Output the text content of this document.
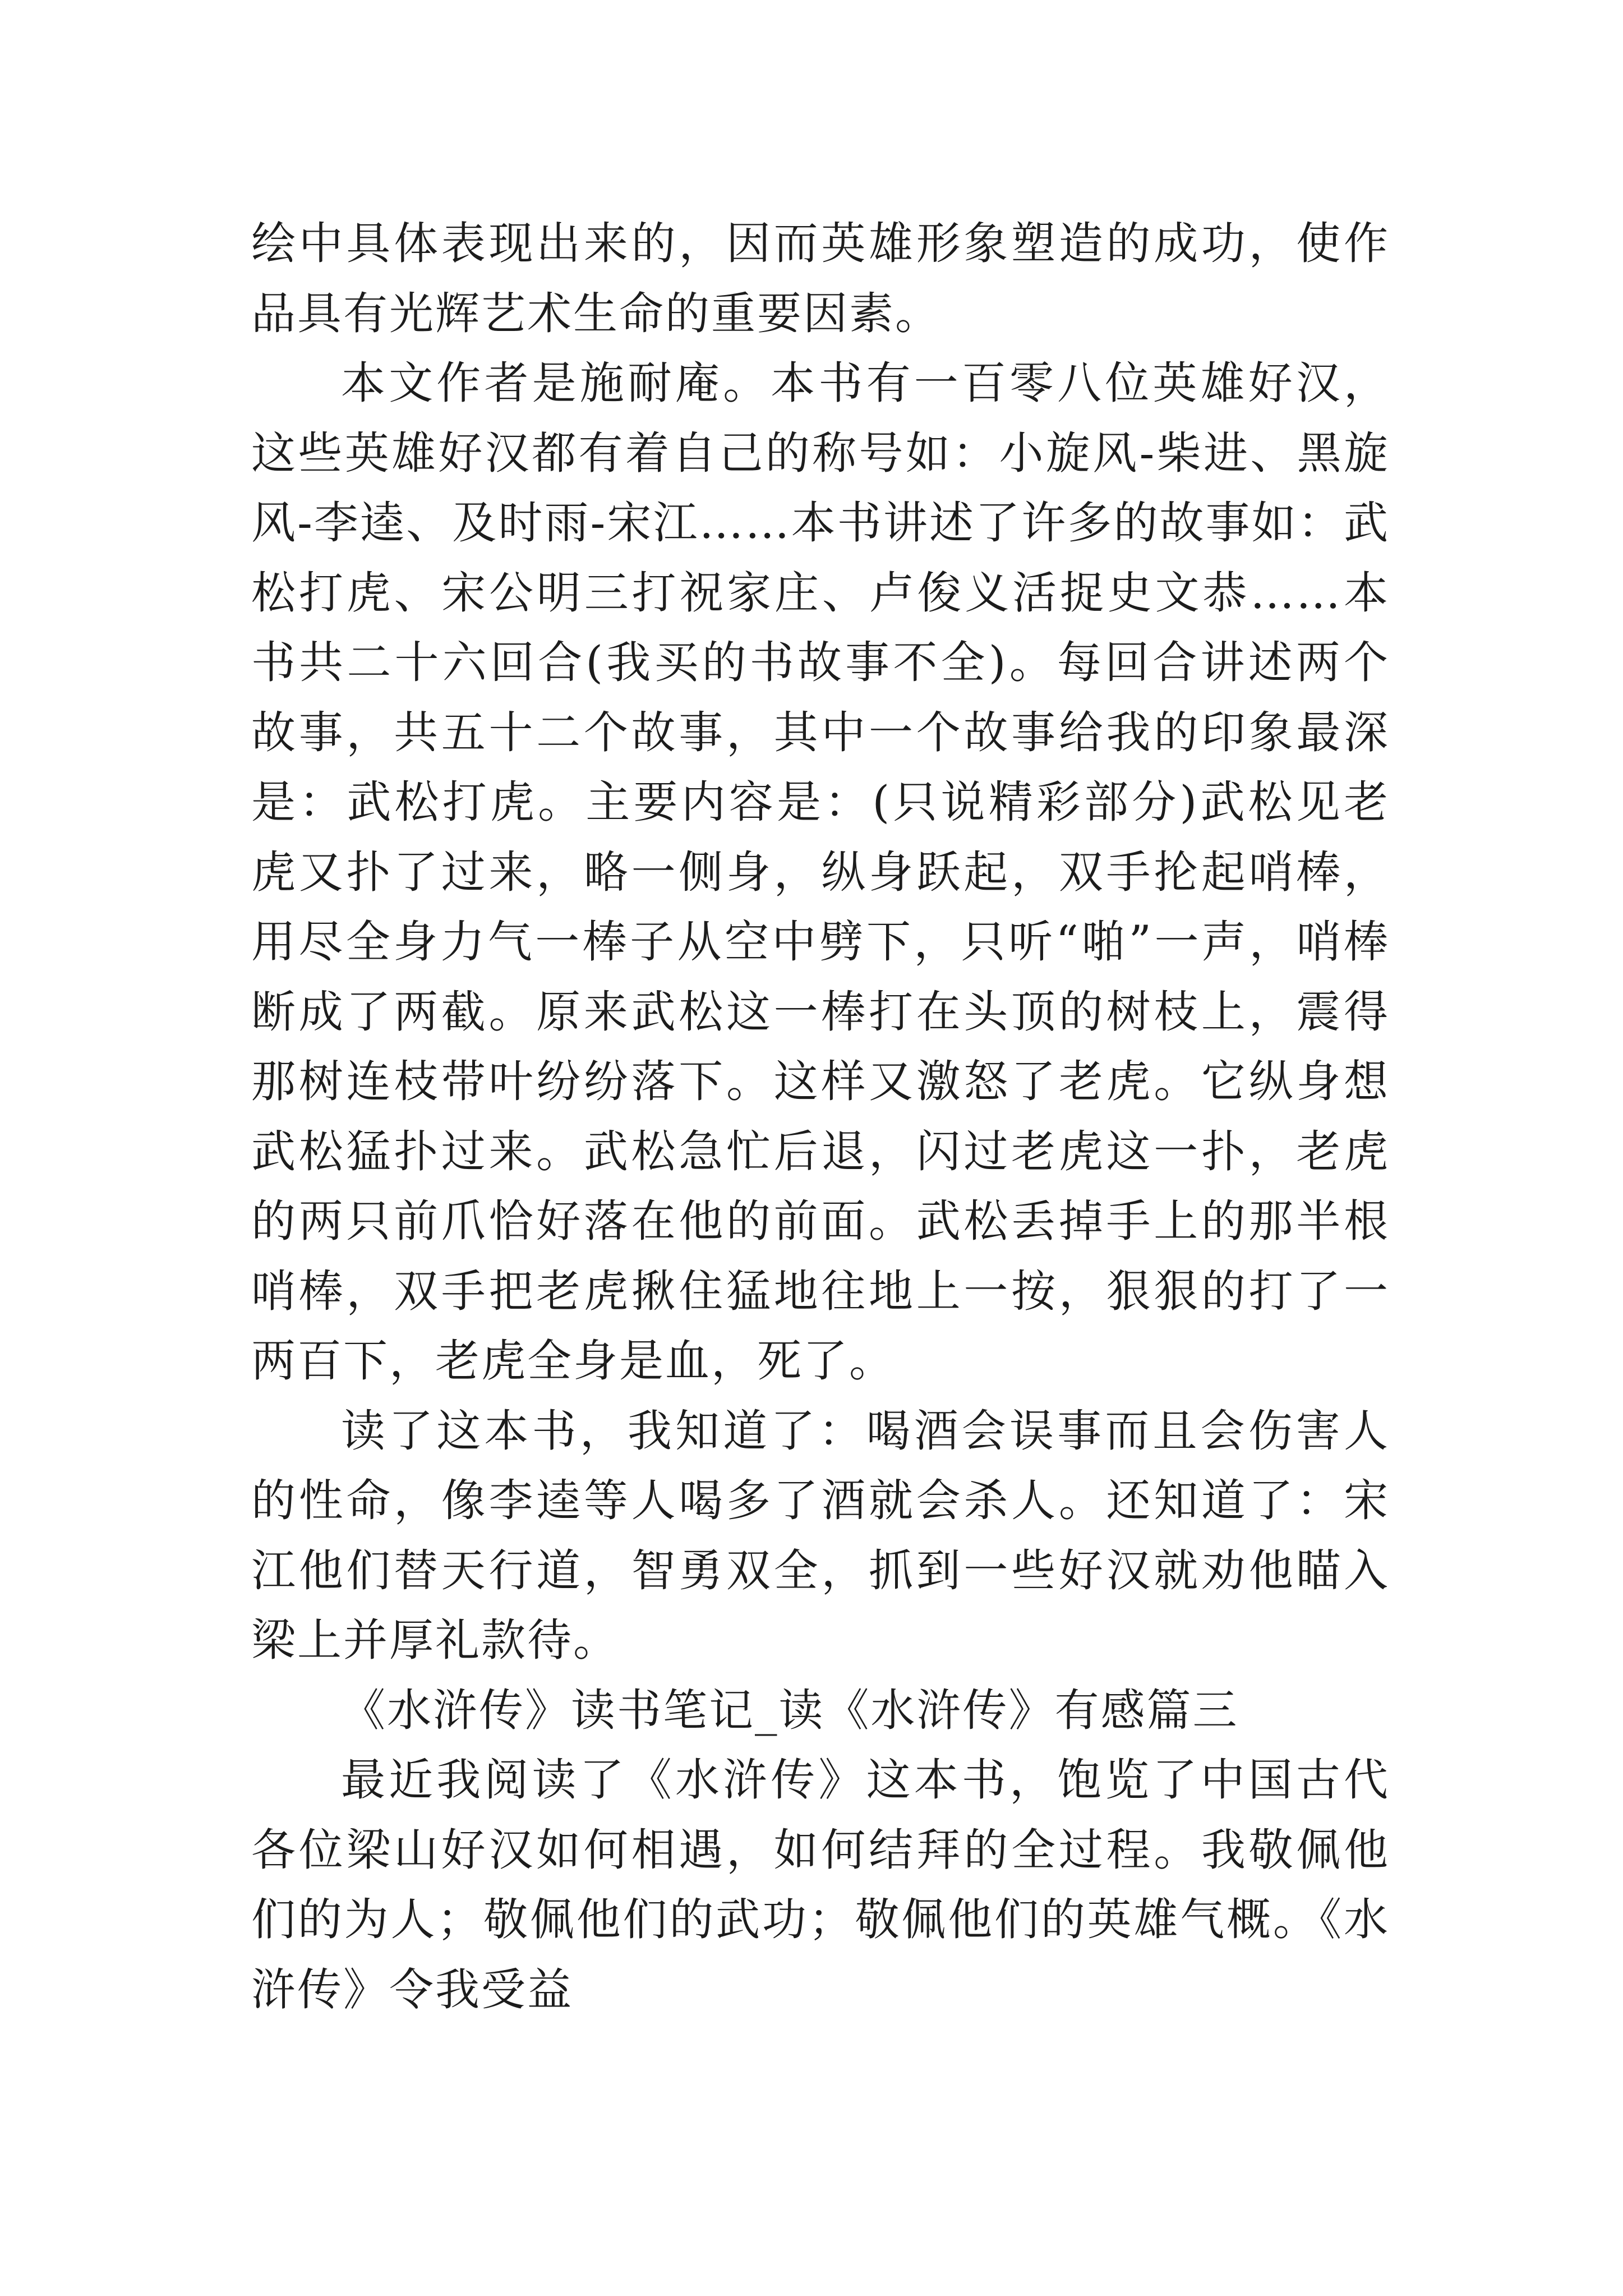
绘中具体表现出来的，因而英雄形象塑造的成功，使作品具有光辉艺术生命的重要因素。

本文作者是施耐庵。本书有一百零八位英雄好汉，这些英雄好汉都有着自己的称号如：小旋风-柴进、黑旋风-李逵、及时雨-宋江……本书讲述了许多的故事如：武松打虎、宋公明三打祝家庄、卢俊义活捉史文恭……本书共二十六回合(我买的书故事不全)。每回合讲述两个故事，共五十二个故事，其中一个故事给我的印象最深是：武松打虎。主要内容是：(只说精彩部分)武松见老虎又扑了过来，略一侧身，纵身跃起，双手抡起哨棒，用尽全身力气一棒子从空中劈下，只听“啪”一声，哨棒断成了两截。原来武松这一棒打在头顶的树枝上，震得那树连枝带叶纷纷落下。这样又激怒了老虎。它纵身想武松猛扑过来。武松急忙后退，闪过老虎这一扑，老虎的两只前爪恰好落在他的前面。武松丢掉手上的那半根哨棒，双手把老虎揪住猛地往地上一按，狠狠的打了一两百下，老虎全身是血，死了。

读了这本书，我知道了：喝酒会误事而且会伤害人的性命，像李逵等人喝多了酒就会杀人。还知道了：宋江他们替天行道，智勇双全，抓到一些好汉就劝他瞄入梁上并厚礼款待。

《水浒传》读书笔记_读《水浒传》有感篇三

最近我阅读了《水浒传》这本书，饱览了中国古代各位梁山好汉如何相遇，如何结拜的全过程。我敬佩他们的为人；敬佩他们的武功；敬佩他们的英雄气概。《水浒传》令我受益
